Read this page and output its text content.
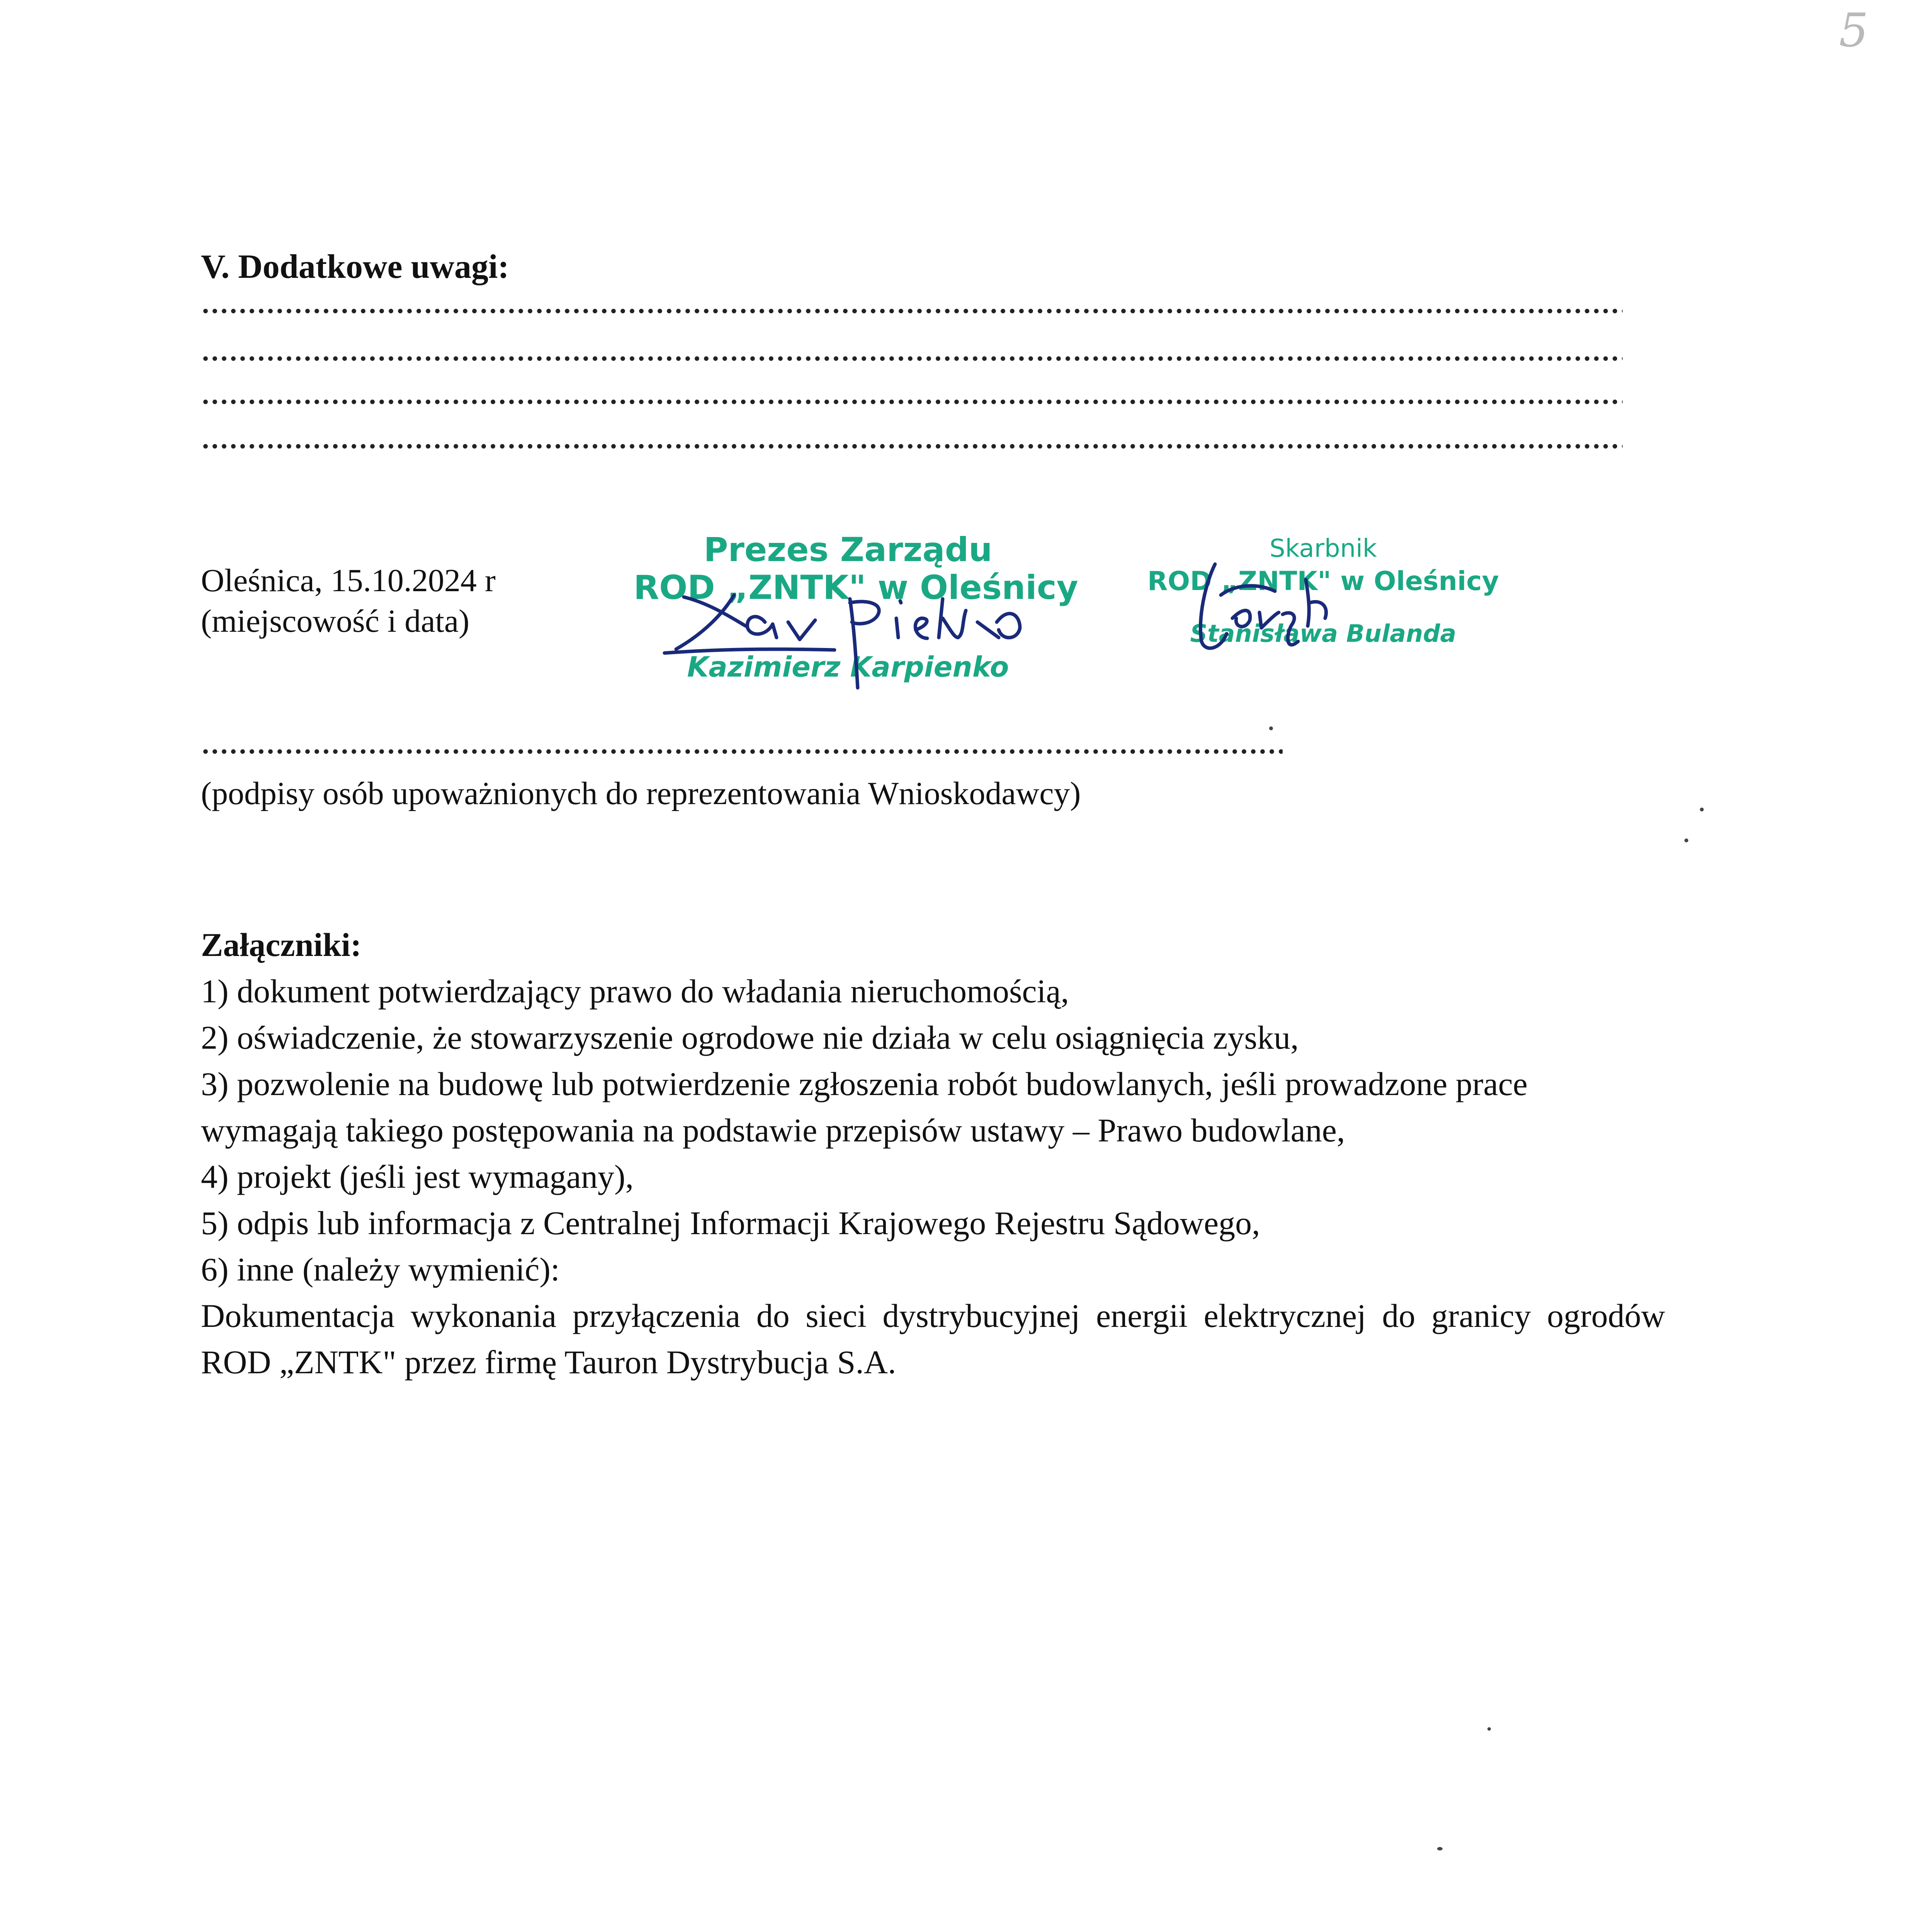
5
V. Dodatkowe uwagi:
Oleśnica, 15.10.2024 r
(miejscowość i data)
Prezes Zarządu
ROD „ZNTK" w Oleśnicy
Kazimierz Karpienko
Skarbnik
ROD „ZNTK" w Oleśnicy
Stanisława Bulanda
(podpisy osób upoważnionych do reprezentowania Wnioskodawcy)
Załączniki:
1) dokument potwierdzający prawo do władania nieruchomością,
2) oświadczenie, że stowarzyszenie ogrodowe nie działa w celu osiągnięcia zysku,
3) pozwolenie na budowę lub potwierdzenie zgłoszenia robót budowlanych, jeśli prowadzone prace wymagają takiego postępowania na podstawie przepisów ustawy – Prawo budowlane,
4) projekt (jeśli jest wymagany),
5) odpis lub informacja z Centralnej Informacji Krajowego Rejestru Sądowego,
6) inne (należy wymienić):
Dokumentacja wykonania przyłączenia do sieci dystrybucyjnej energii elektrycznej do granicy ogrodów ROD „ZNTK" przez firmę Tauron Dystrybucja S.A.
